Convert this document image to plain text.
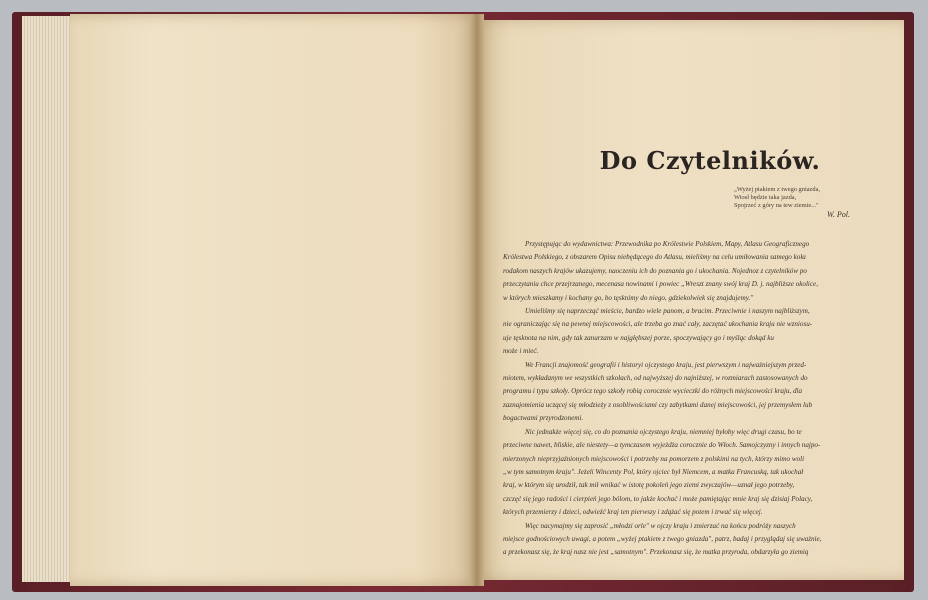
Do Czytelników.
„Wyżej ptakiem z twego gniazda,
Wiosł będzie taka jazda,
Spojrzeć z góry na tew ziemie..."
W. Pol.
Przystępując do wydawnictwa: Przewodnika po Królestwie Polskiem, Mapy, Atlasu Geograficznego
Królestwa Polskiego, z obszarem Opisu niebędącego do Atlasu, mieliśmy na celu umiłowania samego koła
rodakom naszych krajów ukazujemy, naoczeniu ich do poznania go i ukochania. Nojednoz z czytelników po
przeczytaniu chce przejrzanego, mecenasa nowinami i powiec „Wreszt znany swój kraj D. j. najbliższe okolice,
w których mieszkamy i kochany go, bo tęsknimy do niego, gdziekolwiek się znajdujemy."
Umieliśmy się naprzecząć mieście, bardzo wiele panom, a bracim. Przeciwnie i naszym najbliższym,
nie ograniczając się na pewnej miejscowości, ale trzeba go znać cały, zaczętać ukochania kraju nie wzniosu-
uje tęsknota na nim, gdy tak zanurzam w najgłębszej porze, spoczywający go i myśląc dokąd ku
może i mieć.
We Francji znajomość geografii i historyi ojczystego kraju, jest pierwszym i najważniejszym przed-
miotem, wykładanym we wszystkich szkołach, od najwyższej do najniższej, w rozmiarach zastosowanych do
programu i typu szkoły. Oprócz tego szkoły robią corocznie wycieczki do różnych miejscowości kraju, dla
zaznajomienia uczącej się młodzieży z osobliwościami czy zabytkami danej miejscowości, jej przemysłem lub
bogactwami przyrodzonemi.
Nic jednakże więcej się, co do poznania ojczystego kraju, niemniej byłoby więc drugi czasu, bo te
przeciwne nawet, bliskie, ale niestety—a tymczasem wyjeżdża corocznie do Włoch. Samojczyzny i innych najpo-
mierzonych nieprzyjaźnionych miejscowości i potrzeby na pomorzem z polskimi na tych, którzy mimo woli
„w tym samotnym kraju". Jeżeli Wincenty Pol, który ojciec był Niemcem, a matka Francuską, tak ukochał
kraj, w którym się urodził, tak mił wnikać w istotę pokoleń jego ziemi zwyczajów—uznał jego potrzeby,
czczęć się jego radości i cierpień jego bólom, to jakże kochać i może pamiętając mnie kraj się dzisiaj Polacy,
których przemierzy i dzieci, odwieźć kraj ten pierwszy i zdążać się potem i trwać się więcej.
Więc nacymajmy się zaprosić „młodzi orle" w ojczy kraju i zmierzać na końcu podróży naszych
miejsce godnościowych uwagi, a potem „wyżej ptakiem z twego gniazda", patrz, badaj i przyglądaj się uważnie,
a przekonasz się, że kraj nasz nie jest „samotnym". Przekonasz się, że matka przyroda, obdarzyła go ziemią
